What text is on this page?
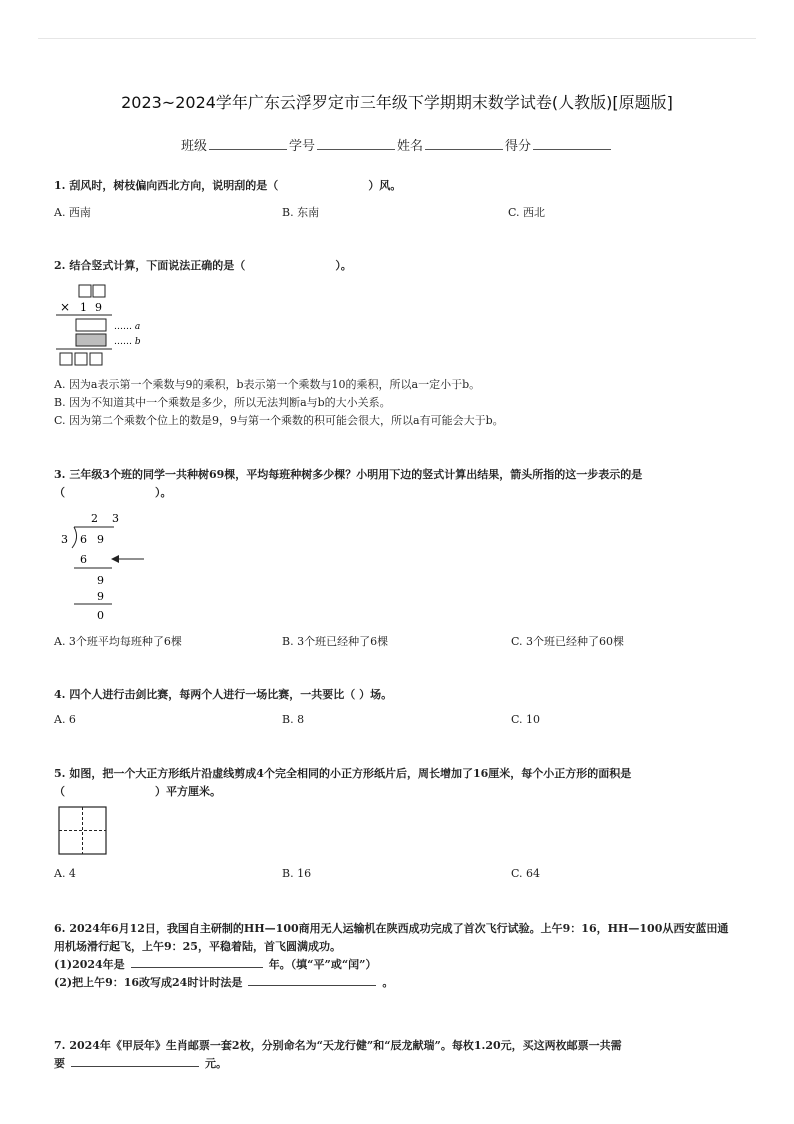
2023~2024学年广东云浮罗定市三年级下学期期末数学试卷(人教版)[原题版]
班级	学号	姓名	得分
1. 刮风时，树枝偏向西北方向，说明刮的是（	）风。
A. 西南	B. 东南	C. 西北
2. 结合竖式计算，下面说法正确的是（	）。
× 1 9
…… a
…… b
A. 因为a表示第一个乘数与9的乘积，b表示第一个乘数与10的乘积，所以a一定小于b。
B. 因为不知道其中一个乘数是多少，所以无法判断a与b的大小关系。
C. 因为第二个乘数个位上的数是9，9与第一个乘数的积可能会很大，所以a有可能会大于b。
3. 三年级3个班的同学一共种树69棵，平均每班种树多少棵？小明用下边的竖式计算出结果，箭头所指的这一步表示的是
（	）。
2 3
3 6 9
6
9
9
0
A. 3个班平均每班种了6棵	B. 3个班已经种了6棵	C. 3个班已经种了60棵
4. 四个人进行击剑比赛，每两个人进行一场比赛，一共要比（ ）场。
A. 6	B. 8	C. 10
5. 如图，把一个大正方形纸片沿虚线剪成4个完全相同的小正方形纸片后，周长增加了16厘米，每个小正方形的面积是
（	）平方厘米。
A. 4	B. 16	C. 64
6. 2024年6月12日，我国自主研制的HH—100商用无人运输机在陕西成功完成了首次飞行试验。上午9：16，HH—100从西安蓝田通
用机场滑行起飞，上午9：25，平稳着陆，首飞圆满成功。
(1)2024年是	年。（填“平”或“闰”）
(2)把上午9：16改写成24时计时法是	。
7. 2024年《甲辰年》生肖邮票一套2枚，分别命名为“天龙行健”和“辰龙献瑞”。每枚1.20元，买这两枚邮票一共需
要	元。
